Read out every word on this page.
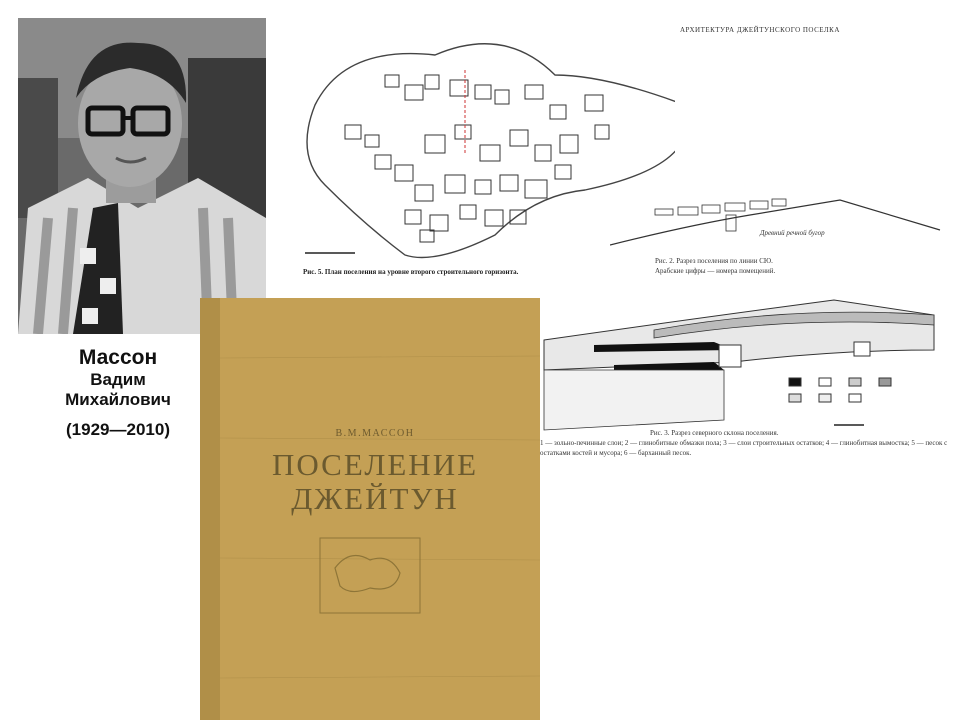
Массон
Вадим
Михайлович
(1929—2010)
Рис. 5. План поселения на уровне второго строительного горизонта.
Древний речной бугор
АРХИТЕКТУРА ДЖЕЙТУНСКОГО ПОСЕЛКА
Рис. 2. Разрез поселения по линии СЮ.
Арабские цифры — номера помещений.
В.М.МАССОН
ПОСЕЛЕНИЕ
ДЖЕЙТУН
Рис. 3. Разрез северного склона поселения.
1 — зольно-печинные слои; 2 — глинобитные обмазки пола; 3 — слои строительных остатков; 4 — глинобитная вымостка; 5 — песок с остатками костей и мусора; 6 — барханный песок.
